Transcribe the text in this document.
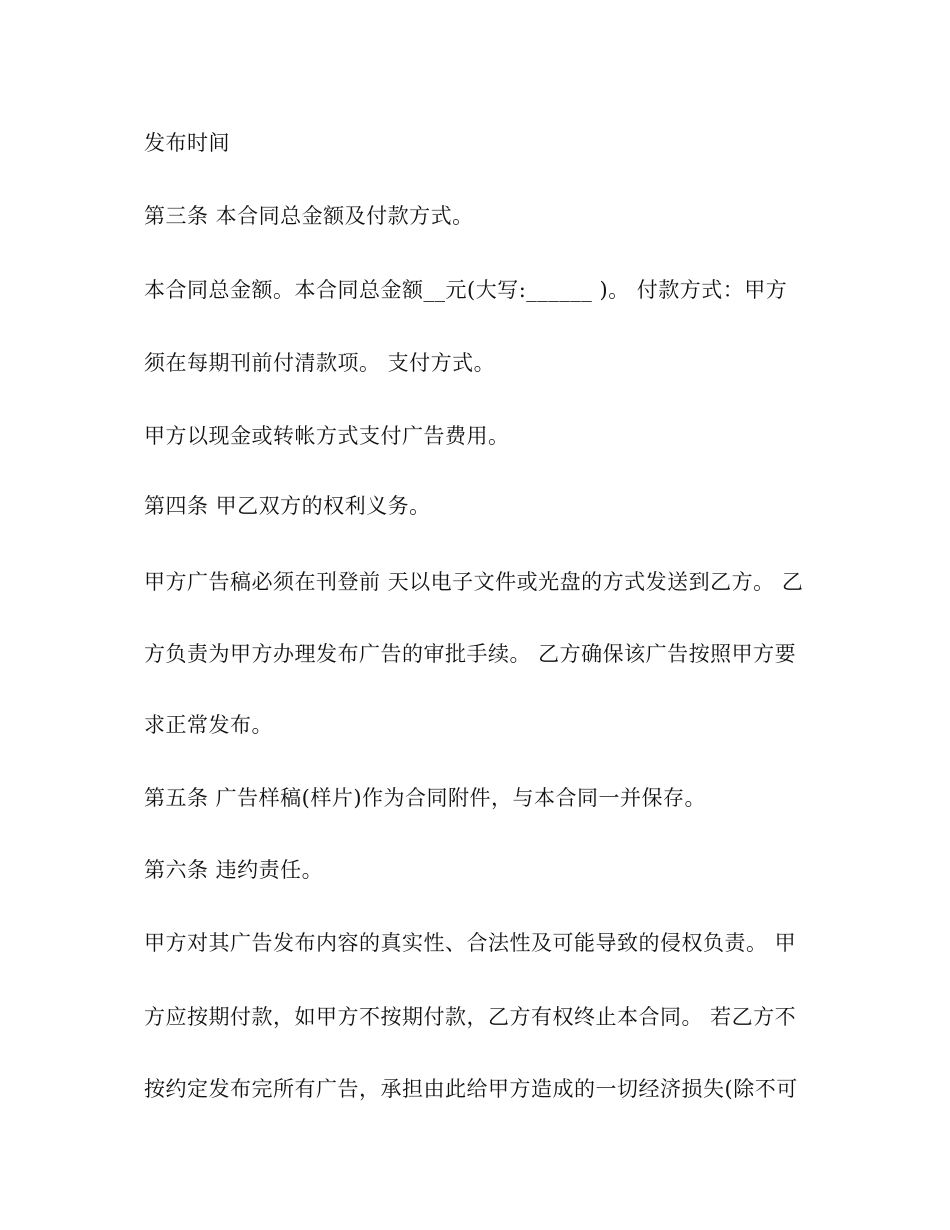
发布时间
第三条 本合同总金额及付款方式。
本合同总金额。本合同总金额__元(大写:______ )。 付款方式：甲方
须在每期刊前付清款项。 支付方式。
甲方以现金或转帐方式支付广告费用。
第四条 甲乙双方的权利义务。
甲方广告稿必须在刊登前 天以电子文件或光盘的方式发送到乙方。 乙
方负责为甲方办理发布广告的审批手续。 乙方确保该广告按照甲方要
求正常发布。
第五条 广告样稿(样片)作为合同附件，与本合同一并保存。
第六条 违约责任。
甲方对其广告发布内容的真实性、合法性及可能导致的侵权负责。 甲
方应按期付款，如甲方不按期付款，乙方有权终止本合同。 若乙方不
按约定发布完所有广告，承担由此给甲方造成的一切经济损失(除不可
